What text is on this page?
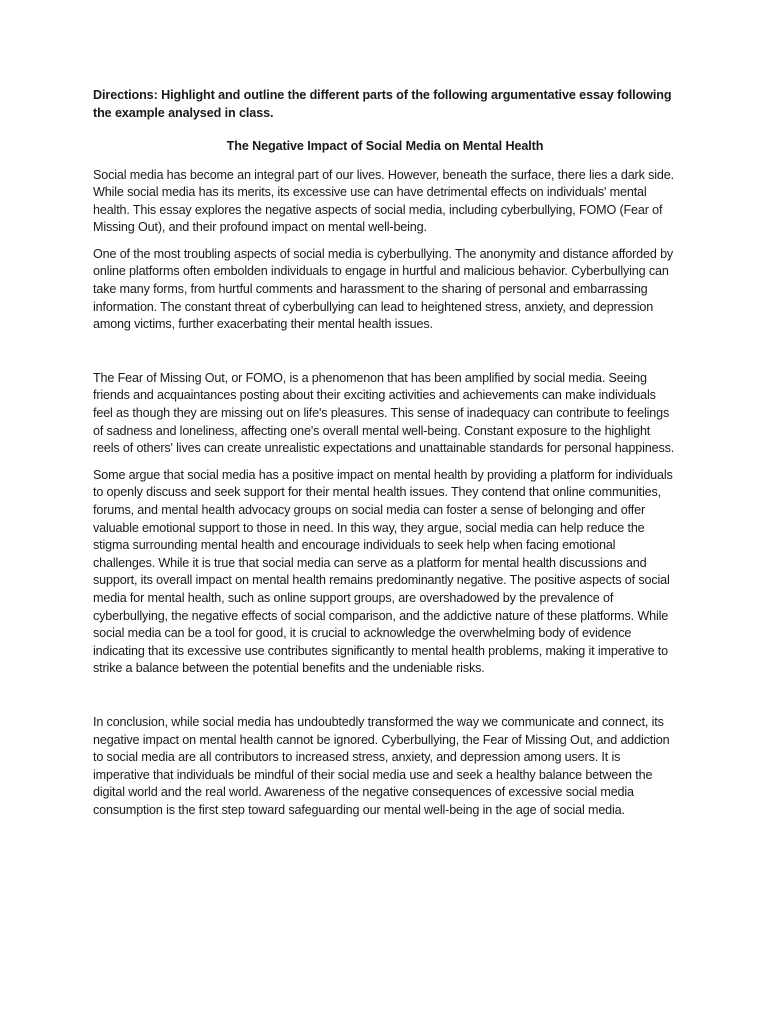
Directions: Highlight and outline the different parts of the following argumentative essay following the example analysed in class.

The Negative Impact of Social Media on Mental Health

Social media has become an integral part of our lives. However, beneath the surface, there lies a dark side. While social media has its merits, its excessive use can have detrimental effects on individuals' mental health. This essay explores the negative aspects of social media, including cyberbullying, FOMO (Fear of Missing Out), and their profound impact on mental well-being.

One of the most troubling aspects of social media is cyberbullying. The anonymity and distance afforded by online platforms often embolden individuals to engage in hurtful and malicious behavior. Cyberbullying can take many forms, from hurtful comments and harassment to the sharing of personal and embarrassing information. The constant threat of cyberbullying can lead to heightened stress, anxiety, and depression among victims, further exacerbating their mental health issues.

The Fear of Missing Out, or FOMO, is a phenomenon that has been amplified by social media. Seeing friends and acquaintances posting about their exciting activities and achievements can make individuals feel as though they are missing out on life's pleasures. This sense of inadequacy can contribute to feelings of sadness and loneliness, affecting one's overall mental well-being. Constant exposure to the highlight reels of others' lives can create unrealistic expectations and unattainable standards for personal happiness.

Some argue that social media has a positive impact on mental health by providing a platform for individuals to openly discuss and seek support for their mental health issues. They contend that online communities, forums, and mental health advocacy groups on social media can foster a sense of belonging and offer valuable emotional support to those in need. In this way, they argue, social media can help reduce the stigma surrounding mental health and encourage individuals to seek help when facing emotional challenges. While it is true that social media can serve as a platform for mental health discussions and support, its overall impact on mental health remains predominantly negative. The positive aspects of social media for mental health, such as online support groups, are overshadowed by the prevalence of cyberbullying, the negative effects of social comparison, and the addictive nature of these platforms. While social media can be a tool for good, it is crucial to acknowledge the overwhelming body of evidence indicating that its excessive use contributes significantly to mental health problems, making it imperative to strike a balance between the potential benefits and the undeniable risks.

In conclusion, while social media has undoubtedly transformed the way we communicate and connect, its negative impact on mental health cannot be ignored. Cyberbullying, the Fear of Missing Out, and addiction to social media are all contributors to increased stress, anxiety, and depression among users. It is imperative that individuals be mindful of their social media use and seek a healthy balance between the digital world and the real world. Awareness of the negative consequences of excessive social media consumption is the first step toward safeguarding our mental well-being in the age of social media.
